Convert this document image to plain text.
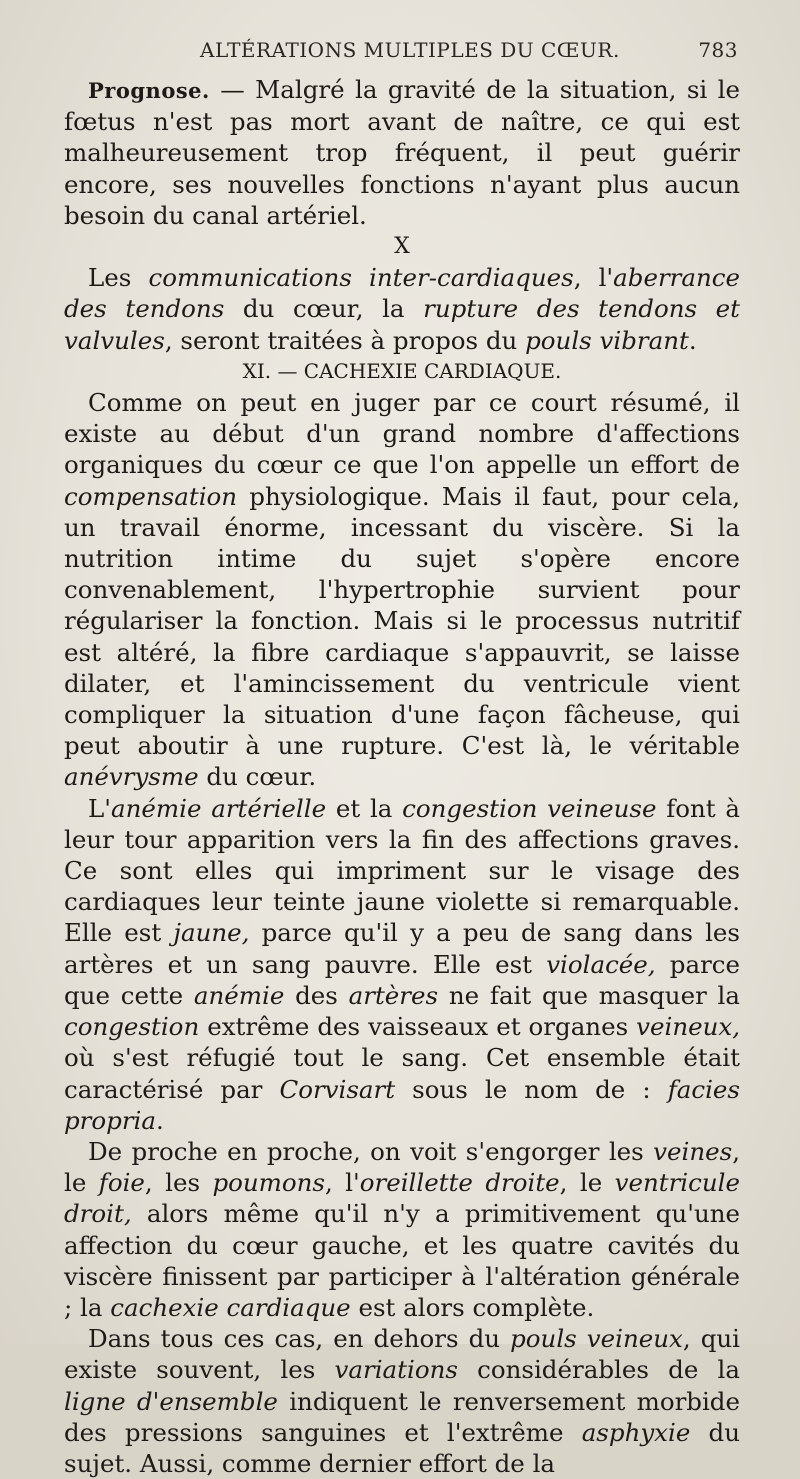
ALTÉRATIONS MULTIPLES DU CŒUR.	783

Prognose. — Malgré la gravité de la situation, si le fœtus n'est pas mort avant de naître, ce qui est malheureusement trop fréquent, il peut guérir encore, ses nouvelles fonctions n'ayant plus aucun besoin du canal artériel.

X

Les communications inter-cardiaques, l'aberrance des tendons du cœur, la rupture des tendons et valvules, seront traitées à propos du pouls vibrant.

XI. — CACHEXIE CARDIAQUE.

Comme on peut en juger par ce court résumé, il existe au début d'un grand nombre d'affections organiques du cœur ce que l'on appelle un effort de compensation physiologique. Mais il faut, pour cela, un travail énorme, incessant du viscère. Si la nutrition intime du sujet s'opère encore convenablement, l'hypertrophie survient pour régulariser la fonction. Mais si le processus nutritif est altéré, la fibre cardiaque s'appauvrit, se laisse dilater, et l'amincissement du ventricule vient compliquer la situation d'une façon fâcheuse, qui peut aboutir à une rupture. C'est là, le véritable anévrysme du cœur.

L'anémie artérielle et la congestion veineuse font à leur tour apparition vers la fin des affections graves. Ce sont elles qui impriment sur le visage des cardiaques leur teinte jaune violette si remarquable. Elle est jaune, parce qu'il y a peu de sang dans les artères et un sang pauvre. Elle est violacée, parce que cette anémie des artères ne fait que masquer la congestion extrême des vaisseaux et organes veineux, où s'est réfugié tout le sang. Cet ensemble était caractérisé par Corvisart sous le nom de : facies propria.

De proche en proche, on voit s'engorger les veines, le foie, les poumons, l'oreillette droite, le ventricule droit, alors même qu'il n'y a primitivement qu'une affection du cœur gauche, et les quatre cavités du viscère finissent par participer à l'altération générale ; la cachexie cardiaque est alors complète.

Dans tous ces cas, en dehors du pouls veineux, qui existe souvent, les variations considérables de la ligne d'ensemble indiquent le renversement morbide des pressions sanguines et l'extrême asphyxie du sujet. Aussi, comme dernier effort de la
